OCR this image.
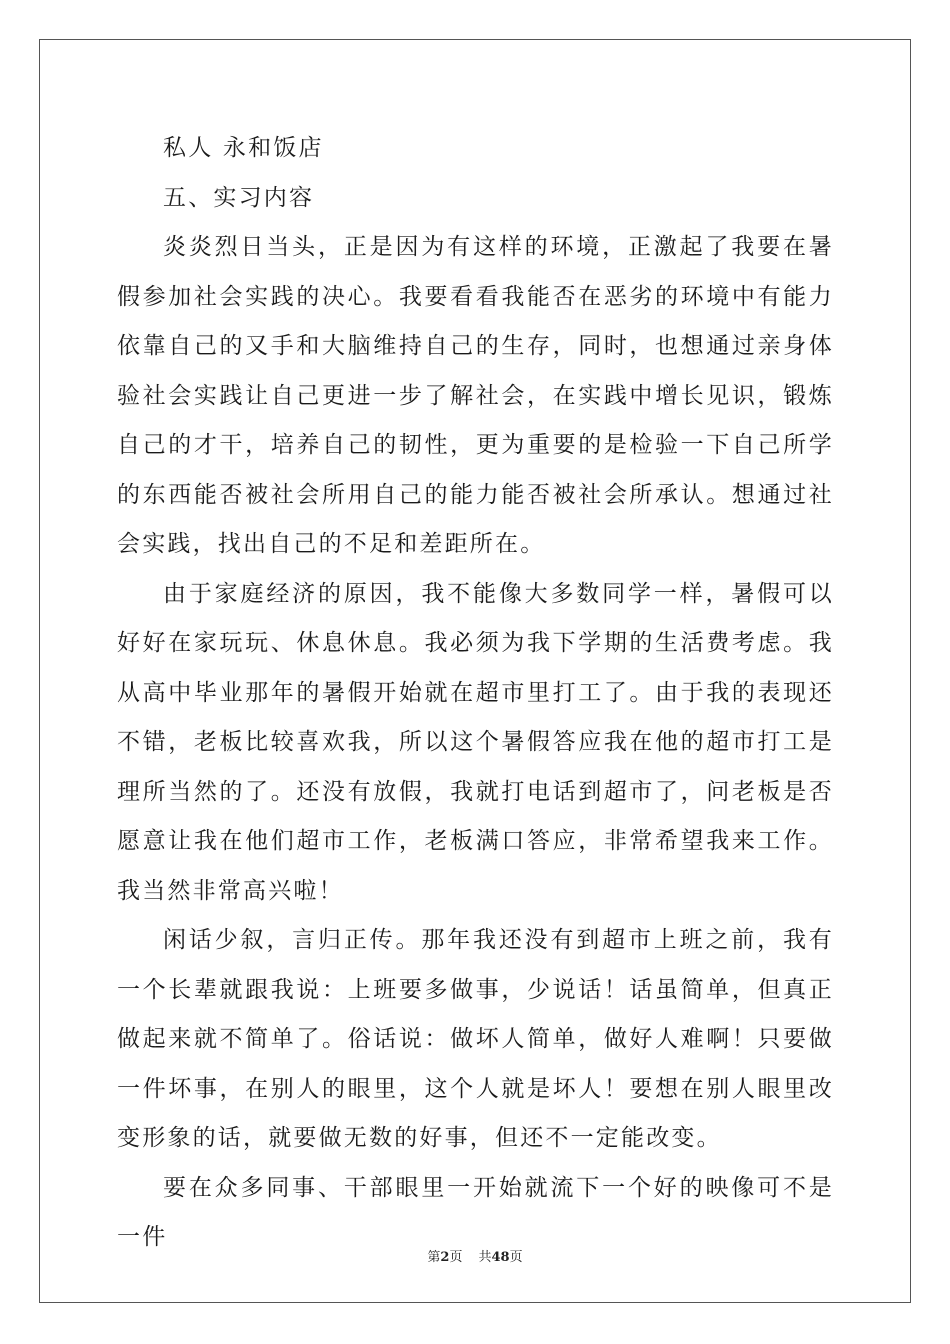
私人 永和饭店

五、实习内容

炎炎烈日当头，正是因为有这样的环境，正激起了我要在暑假参加社会实践的决心。我要看看我能否在恶劣的环境中有能力依靠自己的又手和大脑维持自己的生存，同时，也想通过亲身体验社会实践让自己更进一步了解社会，在实践中增长见识，锻炼自己的才干，培养自己的韧性，更为重要的是检验一下自己所学的东西能否被社会所用自己的能力能否被社会所承认。想通过社会实践，找出自己的不足和差距所在。

由于家庭经济的原因，我不能像大多数同学一样，暑假可以好好在家玩玩、休息休息。我必须为我下学期的生活费考虑。我从高中毕业那年的暑假开始就在超市里打工了。由于我的表现还不错，老板比较喜欢我，所以这个暑假答应我在他的超市打工是理所当然的了。还没有放假，我就打电话到超市了，问老板是否愿意让我在他们超市工作，老板满口答应，非常希望我来工作。我当然非常高兴啦！

闲话少叙，言归正传。那年我还没有到超市上班之前，我有一个长辈就跟我说：上班要多做事，少说话！话虽简单，但真正做起来就不简单了。俗话说：做坏人简单，做好人难啊！只要做一件坏事，在别人的眼里，这个人就是坏人！要想在别人眼里改变形象的话，就要做无数的好事，但还不一定能改变。

要在众多同事、干部眼里一开始就流下一个好的映像可不是一件

第2页 共48页
